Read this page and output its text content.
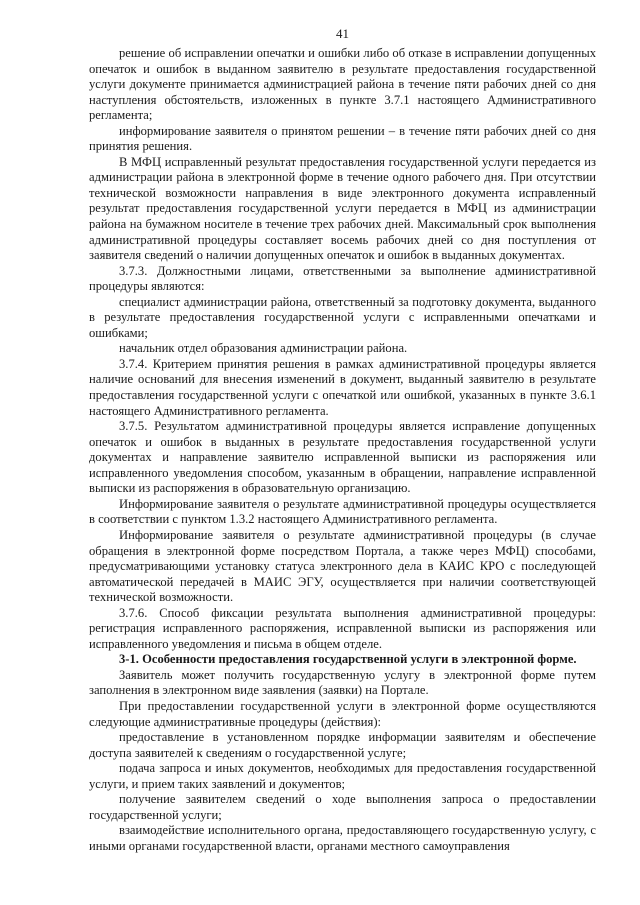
41

решение об исправлении опечатки и ошибки либо об отказе в исправлении допущенных опечаток и ошибок в выданном заявителю в результате предоставления государственной услуги документе принимается администрацией района в течение пяти рабочих дней со дня наступления обстоятельств, изложенных в пункте 3.7.1 настоящего Административного регламента;

информирование заявителя о принятом решении – в течение пяти рабочих дней со дня принятия решения.

В МФЦ исправленный результат предоставления государственной услуги передается из администрации района в электронной форме в течение одного рабочего дня. При отсутствии технической возможности направления в виде электронного документа исправленный результат предоставления государственной услуги передается в МФЦ из администрации района на бумажном носителе в течение трех рабочих дней. Максимальный срок выполнения административной процедуры составляет восемь рабочих дней со дня поступления от заявителя сведений о наличии допущенных опечаток и ошибок в выданных документах.

3.7.3. Должностными лицами, ответственными за выполнение административной процедуры являются:

специалист администрации района, ответственный за подготовку документа, выданного в результате предоставления государственной услуги с исправленными опечатками и ошибками;

начальник отдел образования администрации района.

3.7.4. Критерием принятия решения в рамках административной процедуры является наличие оснований для внесения изменений в документ, выданный заявителю в результате предоставления государственной услуги с опечаткой или ошибкой, указанных в пункте 3.6.1 настоящего Административного регламента.

3.7.5. Результатом административной процедуры является исправление допущенных опечаток и ошибок в выданных в результате предоставления государственной услуги документах и направление заявителю исправленной выписки из распоряжения или исправленного уведомления способом, указанным в обращении, направление исправленной выписки из распоряжения в образовательную организацию.

Информирование заявителя о результате административной процедуры осуществляется в соответствии с пунктом 1.3.2 настоящего Административного регламента.

Информирование заявителя о результате административной процедуры (в случае обращения в электронной форме посредством Портала, а также через МФЦ) способами, предусматривающими установку статуса электронного дела в КАИС КРО с последующей автоматической передачей в МАИС ЭГУ, осуществляется при наличии соответствующей технической возможности.

3.7.6. Способ фиксации результата выполнения административной процедуры: регистрация исправленного распоряжения, исправленной выписки из распоряжения или исправленного уведомления и письма в общем отделе.

3-1. Особенности предоставления государственной услуги в электронной форме.

Заявитель может получить государственную услугу в электронной форме путем заполнения в электронном виде заявления (заявки) на Портале.

При предоставлении государственной услуги в электронной форме осуществляются следующие административные процедуры (действия):

предоставление в установленном порядке информации заявителям и обеспечение доступа заявителей к сведениям о государственной услуге;

подача запроса и иных документов, необходимых для предоставления государственной услуги, и прием таких заявлений и документов;

получение заявителем сведений о ходе выполнения запроса о предоставлении государственной услуги;

взаимодействие исполнительного органа, предоставляющего государственную услугу, с иными органами государственной власти, органами местного самоуправления
